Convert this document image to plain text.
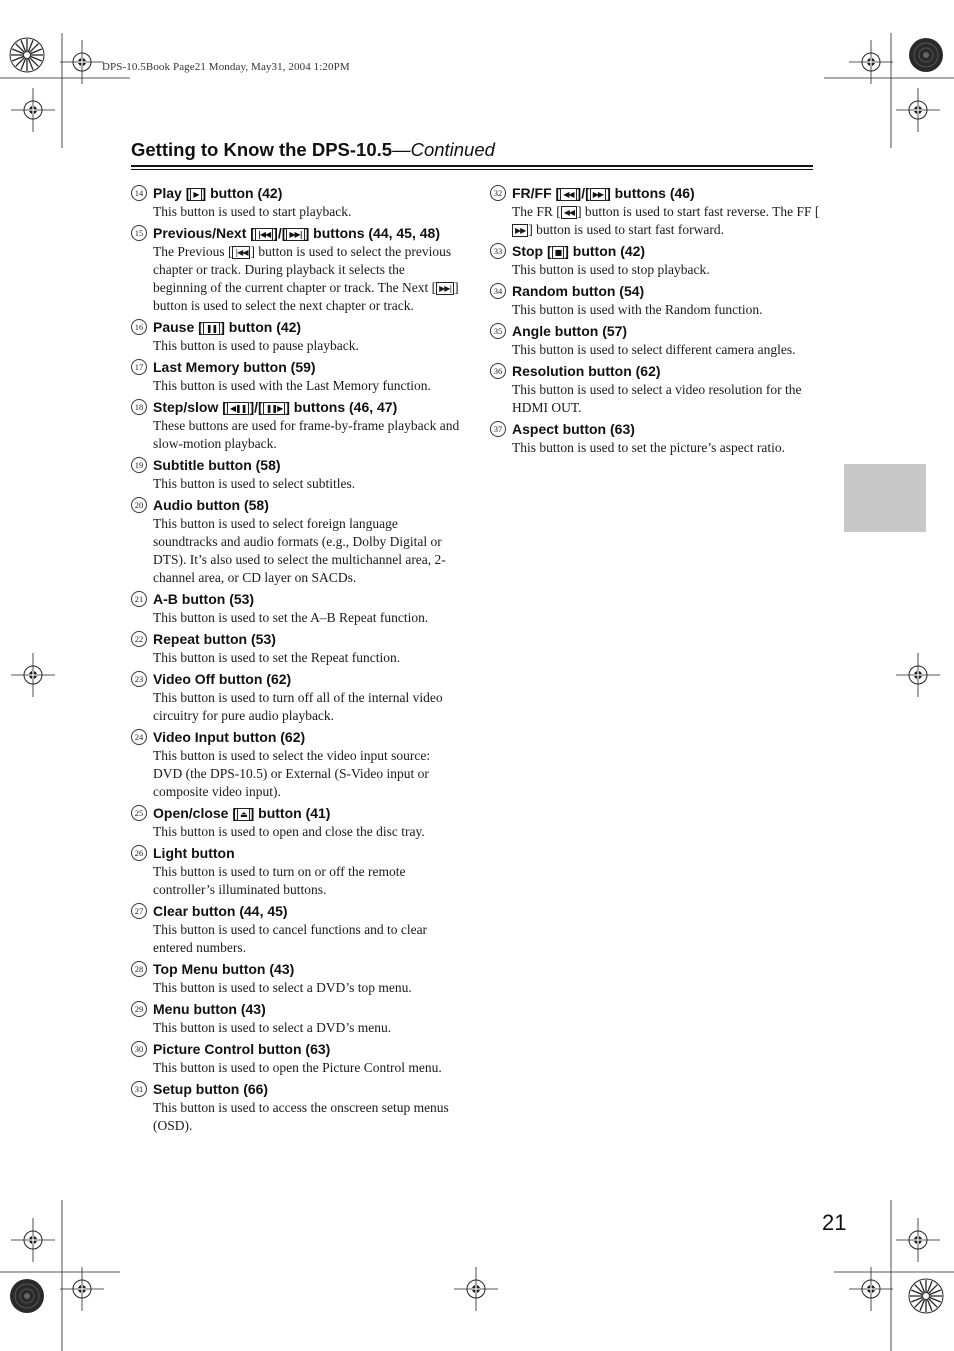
DPS-10.5Book Page21 Monday, May31, 2004 1:20PM
Getting to Know the DPS-10.5—Continued
14 Play [ ▶ ] button (42)
This button is used to start playback.
15 Previous/Next [ |◀◀ ]/[ ▶▶| ] buttons (44, 45, 48)
The Previous [ |◀◀ ] button is used to select the previous chapter or track. During playback it selects the beginning of the current chapter or track. The Next [ ▶▶| ] button is used to select the next chapter or track.
16 Pause [ ❚❚ ] button (42)
This button is used to pause playback.
17 Last Memory button (59)
This button is used with the Last Memory function.
18 Step/slow [ ◀❚❚ ]/[ ❚❚▶ ] buttons (46, 47)
These buttons are used for frame-by-frame playback and slow-motion playback.
19 Subtitle button (58)
This button is used to select subtitles.
20 Audio button (58)
This button is used to select foreign language soundtracks and audio formats (e.g., Dolby Digital or DTS). It’s also used to select the multichannel area, 2-channel area, or CD layer on SACDs.
21 A-B button (53)
This button is used to set the A–B Repeat function.
22 Repeat button (53)
This button is used to set the Repeat function.
23 Video Off button (62)
This button is used to turn off all of the internal video circuitry for pure audio playback.
24 Video Input button (62)
This button is used to select the video input source: DVD (the DPS-10.5) or External (S-Video input or composite video input).
25 Open/close [ ⏏ ] button (41)
This button is used to open and close the disc tray.
26 Light button
This button is used to turn on or off the remote controller’s illuminated buttons.
27 Clear button (44, 45)
This button is used to cancel functions and to clear entered numbers.
28 Top Menu button (43)
This button is used to select a DVD’s top menu.
29 Menu button (43)
This button is used to select a DVD’s menu.
30 Picture Control button (63)
This button is used to open the Picture Control menu.
31 Setup button (66)
This button is used to access the onscreen setup menus (OSD).
32 FR/FF [ ◀◀ ]/[ ▶▶ ] buttons (46)
The FR [ ◀◀ ] button is used to start fast reverse. The FF [▶▶ ] button is used to start fast forward.
33 Stop [ ■ ] button (42)
This button is used to stop playback.
34 Random button (54)
This button is used with the Random function.
35 Angle button (57)
This button is used to select different camera angles.
36 Resolution button (62)
This button is used to select a video resolution for the HDMI OUT.
37 Aspect button (63)
This button is used to set the picture’s aspect ratio.
21
